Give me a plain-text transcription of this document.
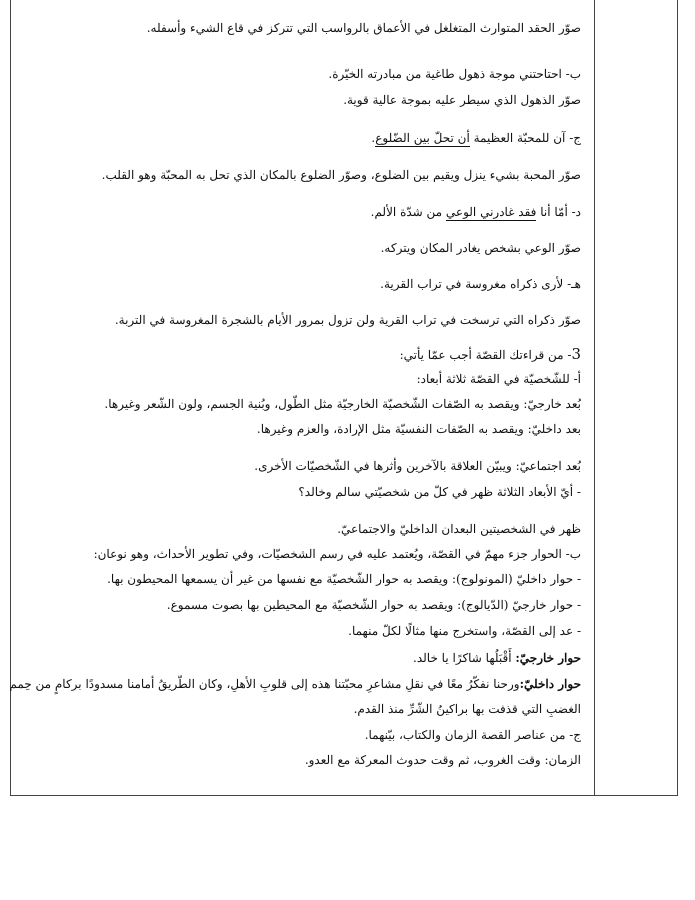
صوّر الحقد المتوارث المتغلغل في الأعماق بالرواسب التي تتركز في قاع الشيء وأسفله.
ب- احتاحتني موجة ذهول طاغية من مبادرته الخيّرة.
صوّر الذهول الذي سيطر عليه بموجة عالية قوية.
ج- آن للمحبّة العظيمة أن تحلّ بين الضّلوع.
صوّر المحبة بشيء ينزل ويقيم بين الضلوع، وصوّر الضلوع بالمكان الذي تحل به المحبّة وهو القلب.
د- أمّا أنا فقد غادرني الوعي من شدّة الألم.
صوّر الوعي بشخص يغادر المكان ويتركه.
هـ- لأرى ذكراه مغروسة في تراب القرية.
صوّر ذكراه التي ترسخت في تراب القرية ولن تزول بمرور الأيام بالشجرة المغروسة في التربة.
3- من قراءتك القصّة أجب عمّا يأتي:
أ- للشّخصيّة في القصّة ثلاثة أبعاد:
بُعد خارجيّ: ويقصد به الصّفات الشّخصيّة الخارجيّة مثل الطّول، وبُنية الجسم، ولون الشّعر وغيرها.
بعد داخليّ: ويقصد به الصّفات النفسيّة مثل الإرادة، والعزم وغيرها.
بُعد اجتماعيّ: ويبيّن العلاقة بالآخرين وأثرها في الشّخصيّات الأخرى.
- أيّ الأبعاد الثلاثة ظهر في كلّ من شخصيّتي سالم وخالد؟
ظهر في الشخصيتين البعدان الداخليّ والاجتماعيّ.
ب- الحوار جزء مهمّ في القصّة، ويُعتمد عليه في رسم الشخصيّات، وفي تطوير الأحداث، وهو نوعان:
- حوار داخليّ (المونولوج): ويقصد به حوار الشّخصيّة مع نفسها من غير أن يسمعها المحيطون بها.
- حوار خارجيّ (الدّيالوج): ويقصد به حوار الشّخصيّة مع المحيطين بها بصوت مسموع.
- عد إلى القصّة، واستخرج منها مثالًا لكلّ منهما.
حوار خارجيّ: أَقْبَلُها شاكرًا يا خالد.
حوار داخليّ:ورحنا نفكّرُ معًا في نقلِ مشاعرِ محبّتنا هذه إلى قلوبِ الأهلِ، وكان الطّريقُ أمامنا مسدودًا بركامٍ من حِمم
الغضبِ التي قذفت بها براكينُ الشّرِّ منذ القدم.
ج- من عناصر القصة الزمان والكتاب، بيّنهما.
الزمان: وقت الغروب، ثم وقت حدوث المعركة مع العدو.
